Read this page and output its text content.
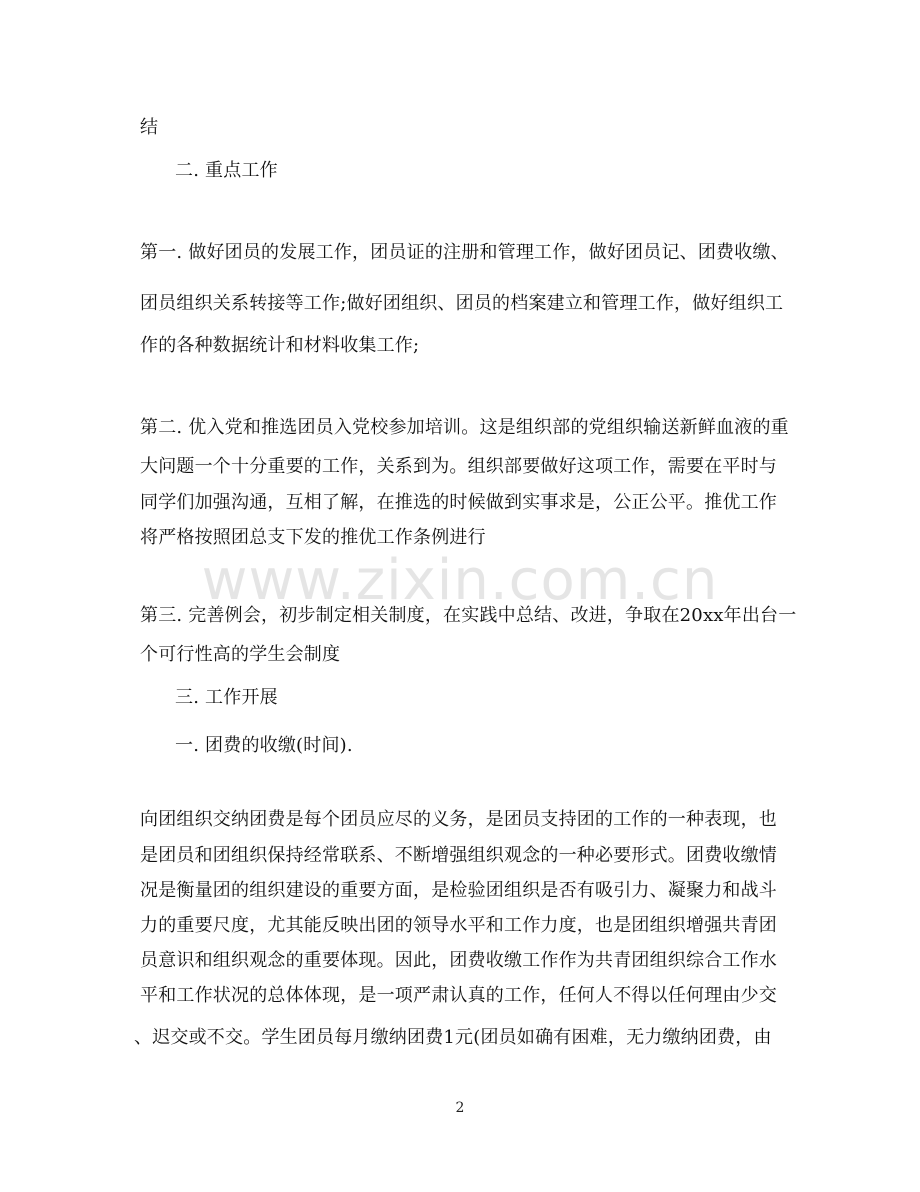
结
二. 重点工作
第一. 做好团员的发展工作，团员证的注册和管理工作，做好团员记、团费收缴、
团员组织关系转接等工作;做好团组织、团员的档案建立和管理工作，做好组织工
作的各种数据统计和材料收集工作;
第二. 优入党和推选团员入党校参加培训。这是组织部的党组织输送新鲜血液的重
大问题一个十分重要的工作，关系到为。组织部要做好这项工作，需要在平时与
同学们加强沟通，互相了解，在推选的时候做到实事求是，公正公平。推优工作
将严格按照团总支下发的推优工作条例进行
第三. 完善例会，初步制定相关制度，在实践中总结、改进，争取在20xx年出台一
个可行性高的学生会制度
三. 工作开展
一. 团费的收缴(时间).
向团组织交纳团费是每个团员应尽的义务，是团员支持团的工作的一种表现，也
是团员和团组织保持经常联系、不断增强组织观念的一种必要形式。团费收缴情
况是衡量团的组织建设的重要方面，是检验团组织是否有吸引力、凝聚力和战斗
力的重要尺度，尤其能反映出团的领导水平和工作力度，也是团组织增强共青团
员意识和组织观念的重要体现。因此，团费收缴工作作为共青团组织综合工作水
平和工作状况的总体体现，是一项严肃认真的工作，任何人不得以任何理由少交
、迟交或不交。学生团员每月缴纳团费1元(团员如确有困难，无力缴纳团费，由
www.zixin.com.cn
2
